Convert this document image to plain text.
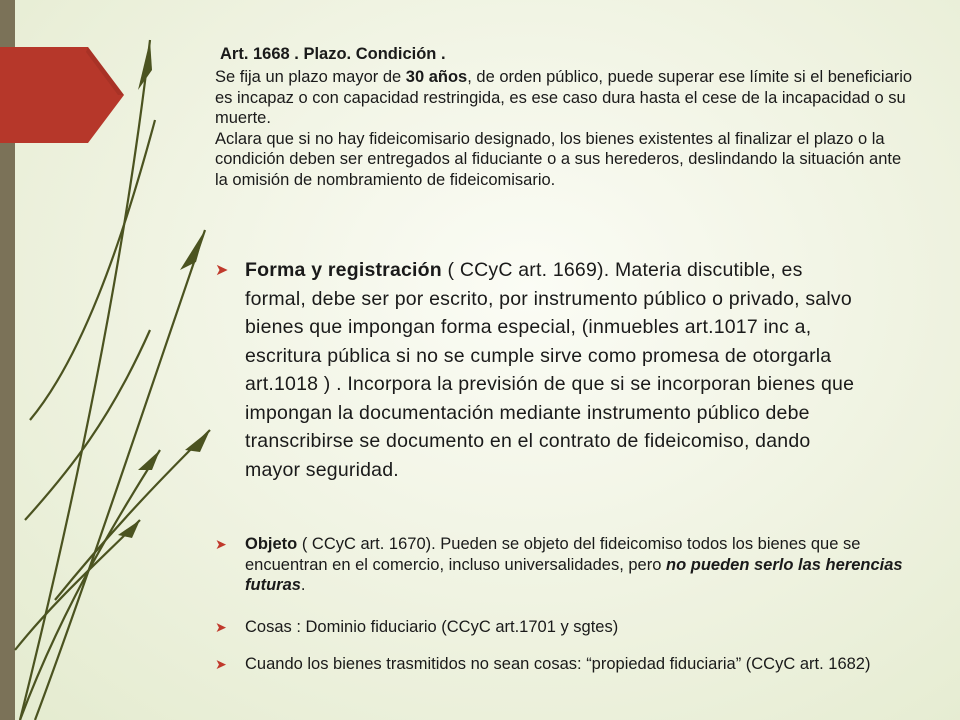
Art. 1668 . Plazo. Condición .

Se fija un plazo mayor de 30 años, de orden público, puede superar ese límite si el beneficiario es incapaz o con capacidad restringida, es ese caso dura hasta el cese de la incapacidad o su muerte.

Aclara que si no hay fideicomisario designado, los bienes existentes al finalizar el plazo o la condición deben ser entregados al fiduciante o a sus herederos, deslindando la situación ante la omisión de nombramiento de fideicomisario.

➤ Forma y registración ( CCyC art. 1669). Materia discutible, es formal, debe ser por escrito, por instrumento público o privado, salvo bienes que impongan forma especial, (inmuebles art.1017 inc a, escritura pública si no se cumple sirve como promesa de otorgarla art.1018 ) . Incorpora la previsión de que si se incorporan bienes que impongan la documentación mediante instrumento público debe transcribirse se documento en el contrato de fideicomiso, dando mayor seguridad.

➤	Objeto ( CCyC art. 1670). Pueden se objeto del fideicomiso todos los bienes que se encuentran en el comercio, incluso universalidades, pero no pueden serlo las herencias futuras.

➤	Cosas : Dominio fiduciario (CCyC art.1701 y sgtes)

➤	Cuando los bienes trasmitidos no sean cosas: “propiedad fiduciaria” (CCyC art. 1682)
